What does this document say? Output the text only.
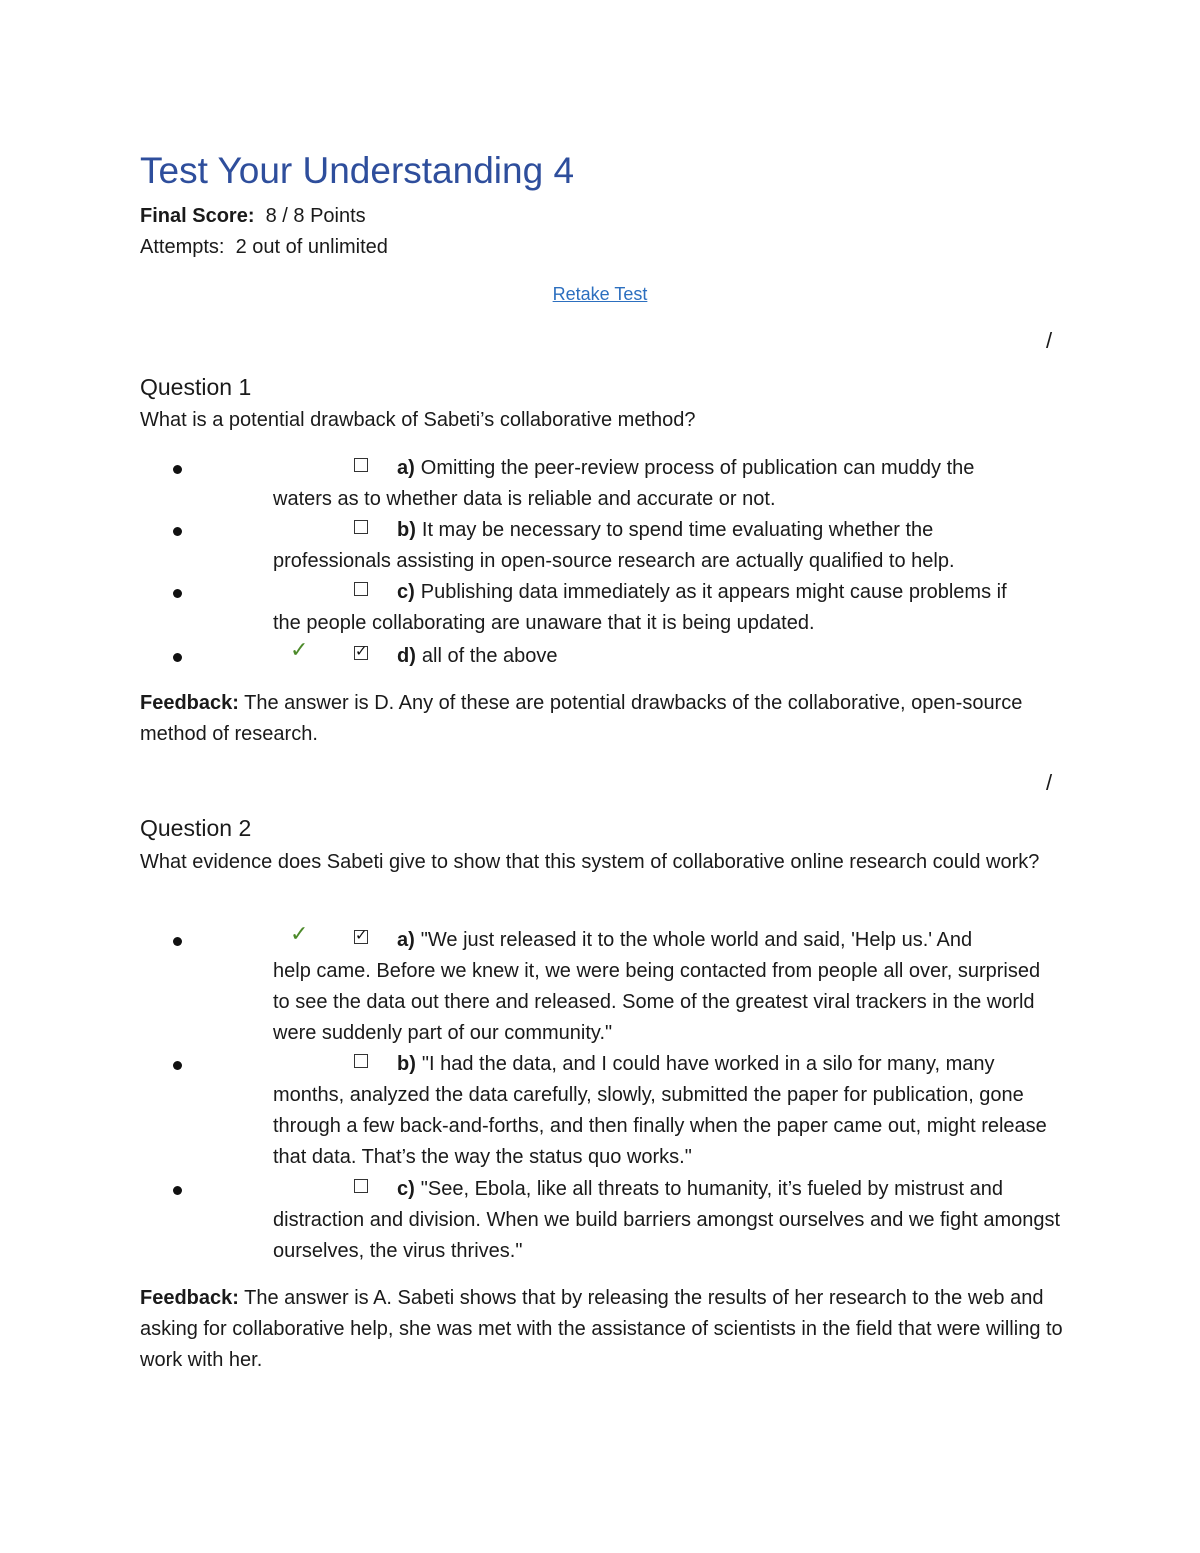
Test Your Understanding 4
Final Score: 8 / 8 Points
Attempts: 2 out of unlimited
Retake Test
/
Question 1
What is a potential drawback of Sabeti’s collaborative method?
a) Omitting the peer-review process of publication can muddy the
waters as to whether data is reliable and accurate or not.
b) It may be necessary to spend time evaluating whether the
professionals assisting in open-source research are actually qualified to help.
c) Publishing data immediately as it appears might cause problems if
the people collaborating are unaware that it is being updated.
✓ ✓	d) all of the above
Feedback: The answer is D. Any of these are potential drawbacks of the collaborative, open-source method of research.
/
Question 2
What evidence does Sabeti give to show that this system of collaborative online research could work?
✓ ✓	a) "We just released it to the whole world and said, 'Help us.' And
help came. Before we knew it, we were being contacted from people all over, surprised to see the data out there and released. Some of the greatest viral trackers in the world were suddenly part of our community."
b) "I had the data, and I could have worked in a silo for many, many
months, analyzed the data carefully, slowly, submitted the paper for publication, gone through a few back-and-forths, and then finally when the paper came out, might release that data. That’s the way the status quo works."
c) "See, Ebola, like all threats to humanity, it’s fueled by mistrust and
distraction and division. When we build barriers amongst ourselves and we fight amongst ourselves, the virus thrives."
Feedback: The answer is A. Sabeti shows that by releasing the results of her research to the web and asking for collaborative help, she was met with the assistance of scientists in the field that were willing to work with her.
